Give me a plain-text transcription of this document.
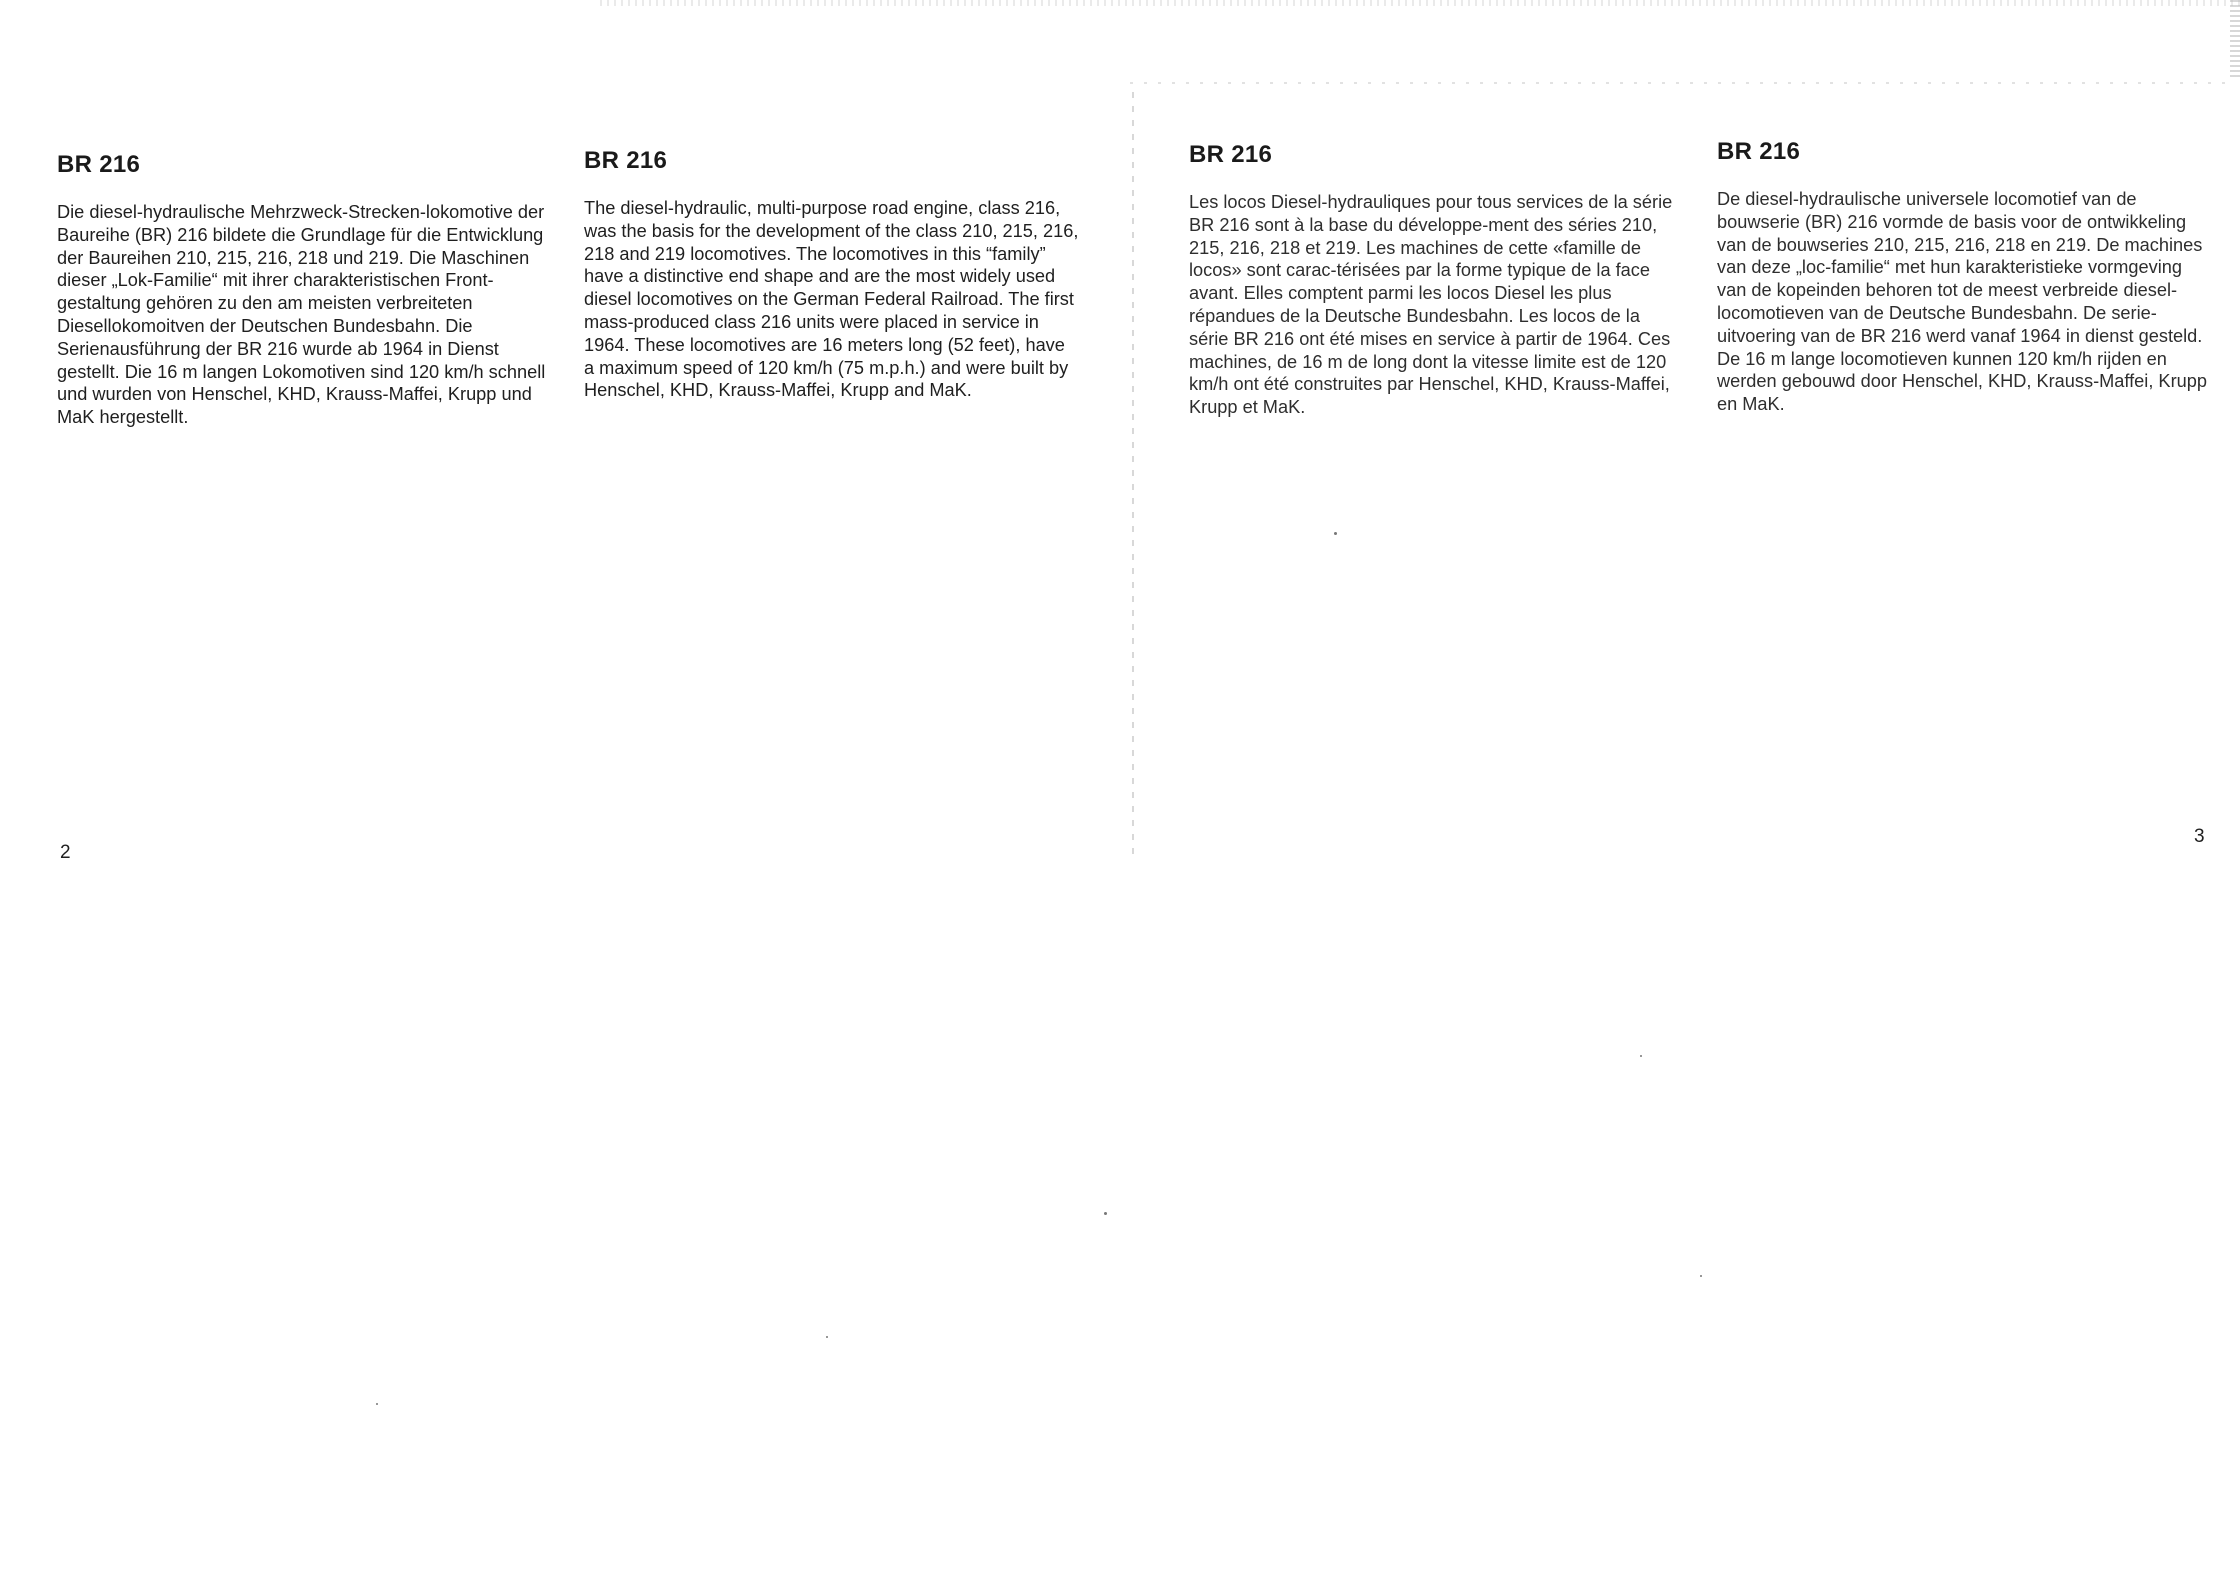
BR 216

Die diesel-hydraulische Mehrzweck-Strecken-lokomotive der Baureihe (BR) 216 bildete die Grundlage für die Entwicklung der Baureihen 210, 215, 216, 218 und 219. Die Maschinen dieser „Lok-Familie“ mit ihrer charakteristischen Front-gestaltung gehören zu den am meisten verbreiteten Diesellokomoitven der Deutschen Bundesbahn. Die Serienausführung der BR 216 wurde ab 1964 in Dienst gestellt. Die 16 m langen Lokomotiven sind 120 km/h schnell und wurden von Henschel, KHD, Krauss-Maffei, Krupp und MaK hergestellt.

BR 216

The diesel-hydraulic, multi-purpose road engine, class 216, was the basis for the development of the class 210, 215, 216, 218 and 219 locomotives. The locomotives in this “family” have a distinctive end shape and are the most widely used diesel locomotives on the German Federal Railroad. The first mass-produced class 216 units were placed in service in 1964. These locomotives are 16 meters long (52 feet), have a maximum speed of 120 km/h (75 m.p.h.) and were built by Henschel, KHD, Krauss-Maffei, Krupp and MaK.

2
BR 216

Les locos Diesel-hydrauliques pour tous services de la série BR 216 sont à la base du développe-ment des séries 210, 215, 216, 218 et 219. Les machines de cette «famille de locos» sont carac-térisées par la forme typique de la face avant. Elles comptent parmi les locos Diesel les plus répandues de la Deutsche Bundesbahn. Les locos de la série BR 216 ont été mises en service à partir de 1964. Ces machines, de 16 m de long dont la vitesse limite est de 120 km/h ont été construites par Henschel, KHD, Krauss-Maffei, Krupp et MaK.

BR 216

De diesel-hydraulische universele locomotief van de bouwserie (BR) 216 vormde de basis voor de ontwikkeling van de bouwseries 210, 215, 216, 218 en 219. De machines van deze „loc-familie“ met hun karakteristieke vormgeving van de kopeinden behoren tot de meest verbreide diesel-locomotieven van de Deutsche Bundesbahn. De serie-uitvoering van de BR 216 werd vanaf 1964 in dienst gesteld. De 16 m lange locomotieven kunnen 120 km/h rijden en werden gebouwd door Henschel, KHD, Krauss-Maffei, Krupp en MaK.

3
